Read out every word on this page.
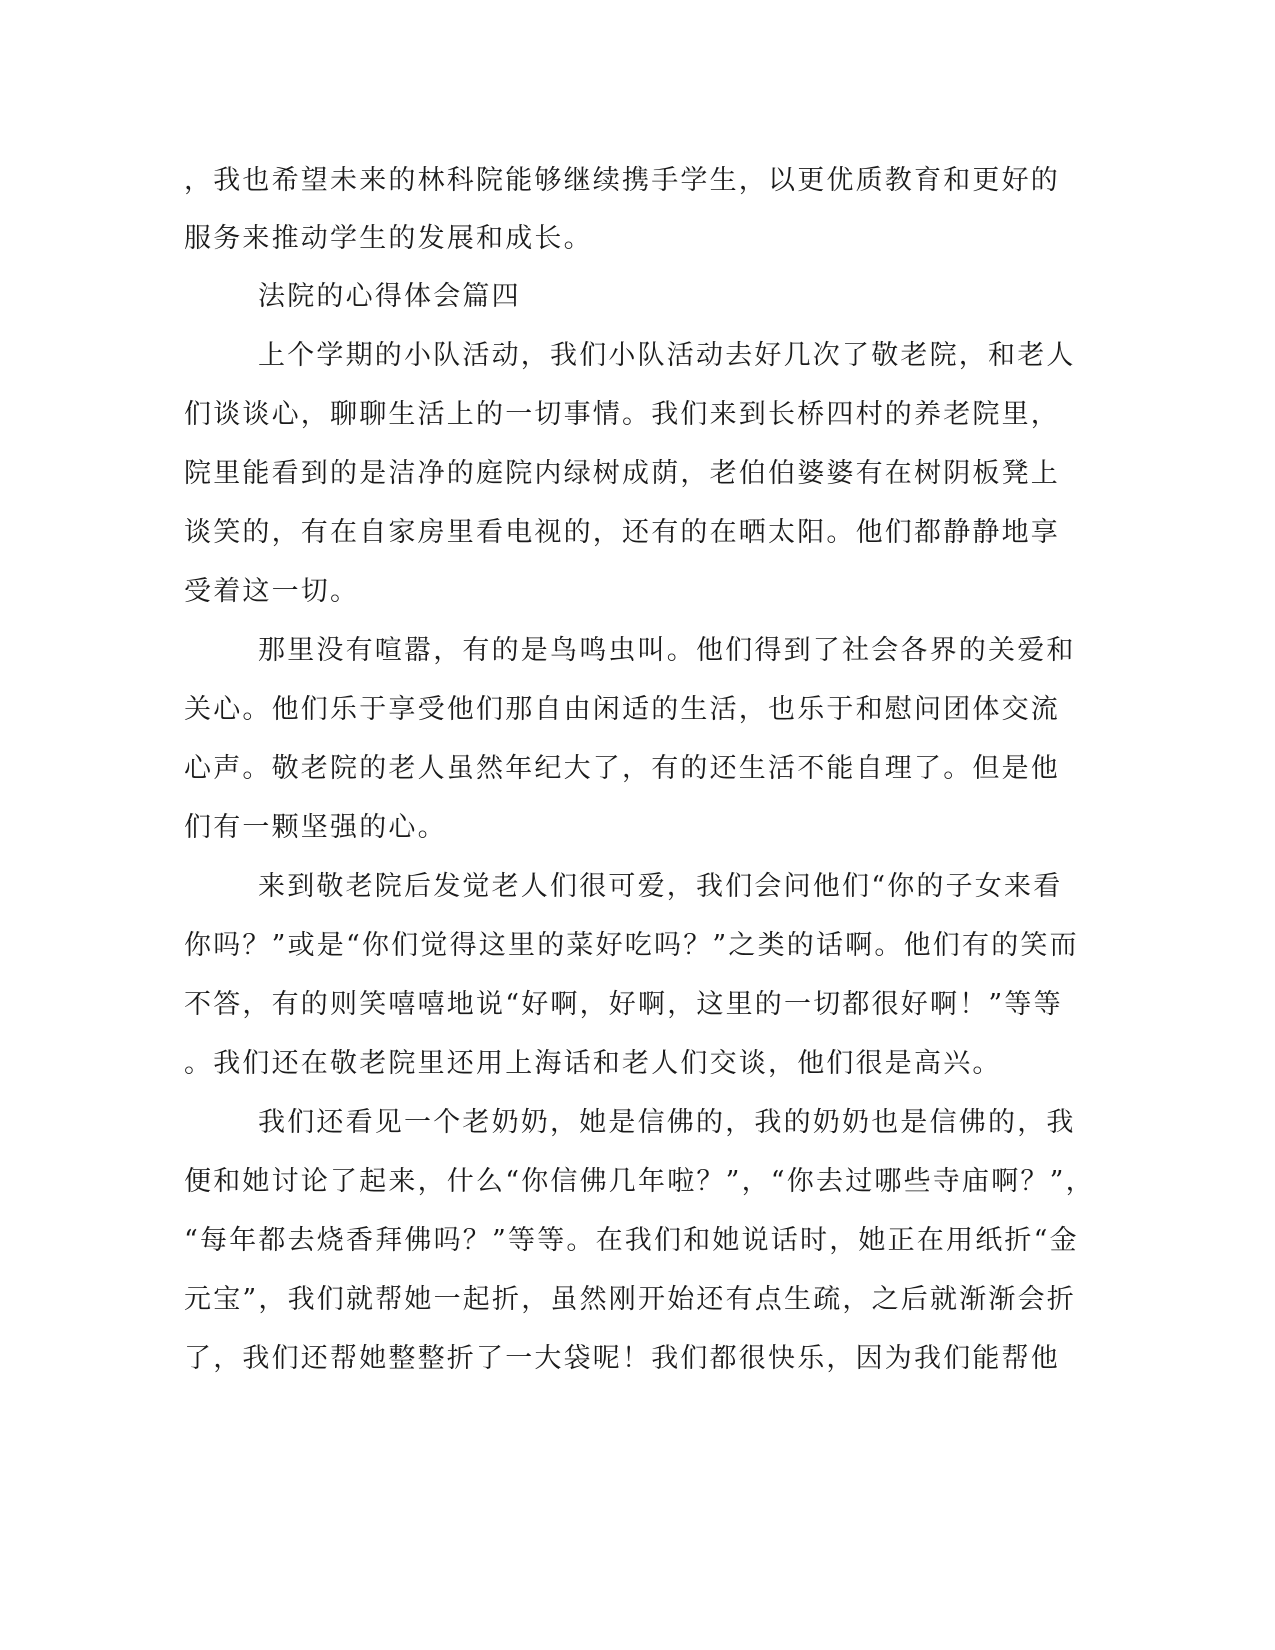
，我也希望未来的林科院能够继续携手学生，以更优质教育和更好的
服务来推动学生的发展和成长。
法院的心得体会篇四
上个学期的小队活动，我们小队活动去好几次了敬老院，和老人
们谈谈心，聊聊生活上的一切事情。我们来到长桥四村的养老院里，
院里能看到的是洁净的庭院内绿树成荫，老伯伯婆婆有在树阴板凳上
谈笑的，有在自家房里看电视的，还有的在晒太阳。他们都静静地享
受着这一切。
那里没有喧嚣，有的是鸟鸣虫叫。他们得到了社会各界的关爱和
关心。他们乐于享受他们那自由闲适的生活，也乐于和慰问团体交流
心声。敬老院的老人虽然年纪大了，有的还生活不能自理了。但是他
们有一颗坚强的心。
来到敬老院后发觉老人们很可爱，我们会问他们“你的子女来看
你吗？”或是“你们觉得这里的菜好吃吗？”之类的话啊。他们有的笑而
不答，有的则笑嘻嘻地说“好啊，好啊，这里的一切都很好啊！”等等
。我们还在敬老院里还用上海话和老人们交谈，他们很是高兴。
我们还看见一个老奶奶，她是信佛的，我的奶奶也是信佛的，我
便和她讨论了起来，什么“你信佛几年啦？”，“你去过哪些寺庙啊？”，
“每年都去烧香拜佛吗？”等等。在我们和她说话时，她正在用纸折“金
元宝”，我们就帮她一起折，虽然刚开始还有点生疏，之后就渐渐会折
了，我们还帮她整整折了一大袋呢！我们都很快乐，因为我们能帮他
